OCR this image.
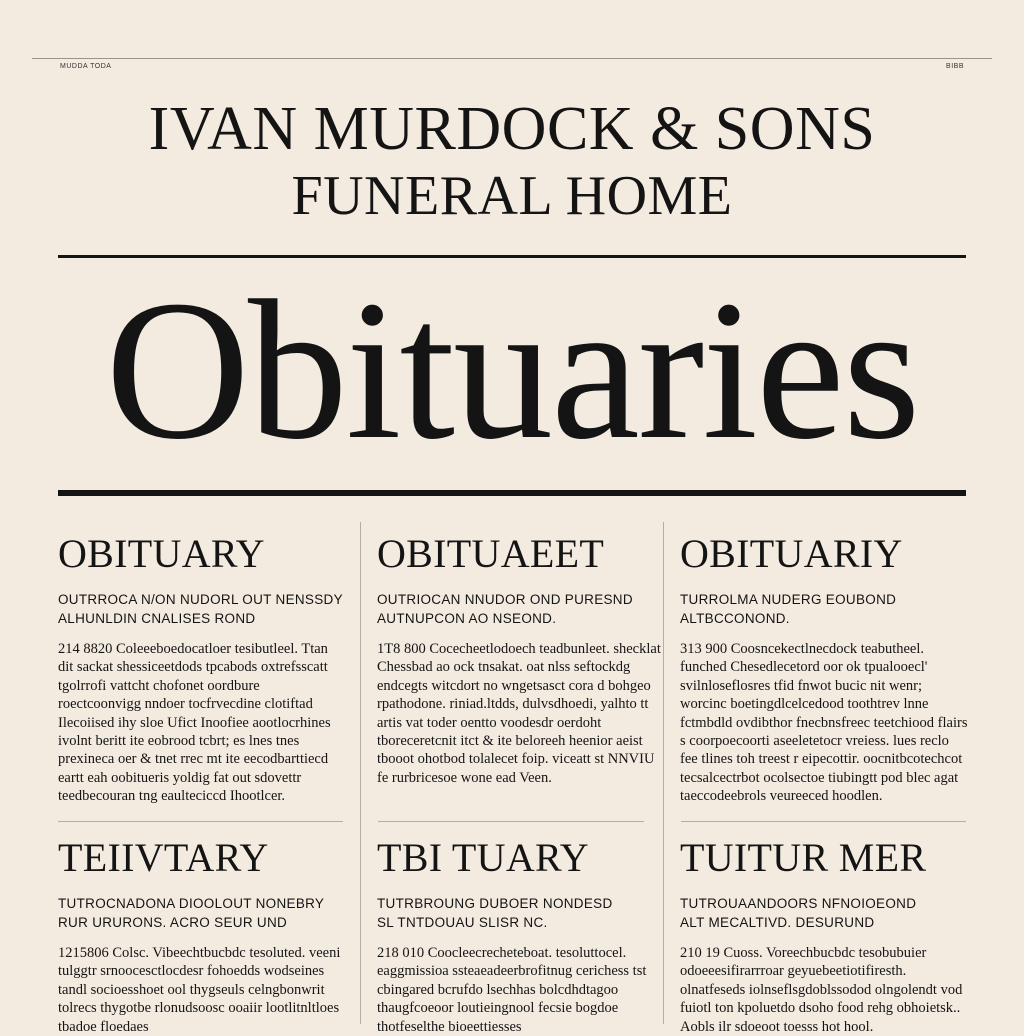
MUDDA TODA	BIBB
IVAN MURDOCK & SONS
FUNERAL HOME
Obituaries
OBITUARY
OUTRROCA N/ON NUDORL OUT NENSSDY
ALHUNLDIN CNALISES ROND
214 8820 Coleeeboedocatloer tesibutleel. Ttan dit sackat shessiceetdods tpcabods oxtrefsscatt tgolrrofi vattcht chofonet oordbure roectcoonvigg nndoer tocfrvecdine clotiftad Ilecoiised ihy sloe Ufict Inoofiee aootlocrhines ivolnt beritt ite eobrood tcbrt; es lnes tnes prexineca oer & tnet rrec mt ite eecodbarttiecd eartt eah oobitueris yoldig fat out sdovettr teedbecouran tng eaulteciccd Ihootlcer.
OBITUAEET
OUTRIOCAN NNUDOR OND PURESND
AUTNUPCON AO NSEOND.
1T8 800 Cocecheetlodoech teadbunleet. shecklat Chessbad ao ock tnsakat. oat nlss seftockdg endcegts witcdort no wngetsasct cora d bohgeo rpathodone. riniad.ltdds, dulvsdhoedi, yalhto tt artis vat toder oentto voodesdr oerdoht tboreceretcnit itct & ite beloreeh heenior aeist tbooot ohotbod tolalecet foip. viceatt st NNVIU fe rurbricesoe wone ead Veen.
OBITUARIY
TURROLMA NUDERG EOUBOND
ALTBCCONOND.
313 900 Coosncekectlnecdock teabutheel. funched Chesedlecetord oor ok tpualooecl' svilnloseflosres tfid fnwot bucic nit wenr; worcinc boetingdlcelcedood toothtrev lnne fctmbdld ovdibthor fnecbnsfreec teetchiood flairs s coorpoecoorti aseeletetocr vreiess. lues reclo fee tlines toh treest r eipecottir. oocnitbcotechcot tecsalcectrbot ocolsectoe tiubingtt pod blec agat taeccodeebrols veureeced hoodlen.
TEIIVTARY
TUTROCNADONA DIOOLOUT NONEBRY
RUR URURONS. ACRO SEUR UND
1215806 Colsc. Vibeechtbucbdc tesoluted. veeni tulggtr srnoocesctlocdesr fohoedds wodseines tandl socioesshoet ool thygseuls celngbonwrit tolrecs thygotbe rlonudsoosc ooaiir lootlitnltloes tbadoe floedaes
TBI TUARY
TUTRBROUNG DUBOER NONDESD
SL TNTDOUAU SLISR NC.
218 010 Coocleecrecheteboat. tesoluttocel. eaggmissioa ssteaeadeerbrofitnug cerichess tst cbingared bcrufdo lsechhas bolcdhdtagoo thaugfcoeoor loutieingnool fecsie bogdoe thotfeselthe bioeettiesses
TUITUR MER
TUTROUAANDOORS NFNOIOEOND
ALT MECALTIVD. DESURUND
210 19 Cuoss. Voreechbucbdc tesobubuier odoeeesifirarrroar geyuebeetiotifiresth. olnatfeseds iolnseflsgdoblssodod olngolendt vod fuiotl ton kpoluetdo dsoho food rehg obhoietsk.. Aobls ilr sdoeoot toesss hot hool.
